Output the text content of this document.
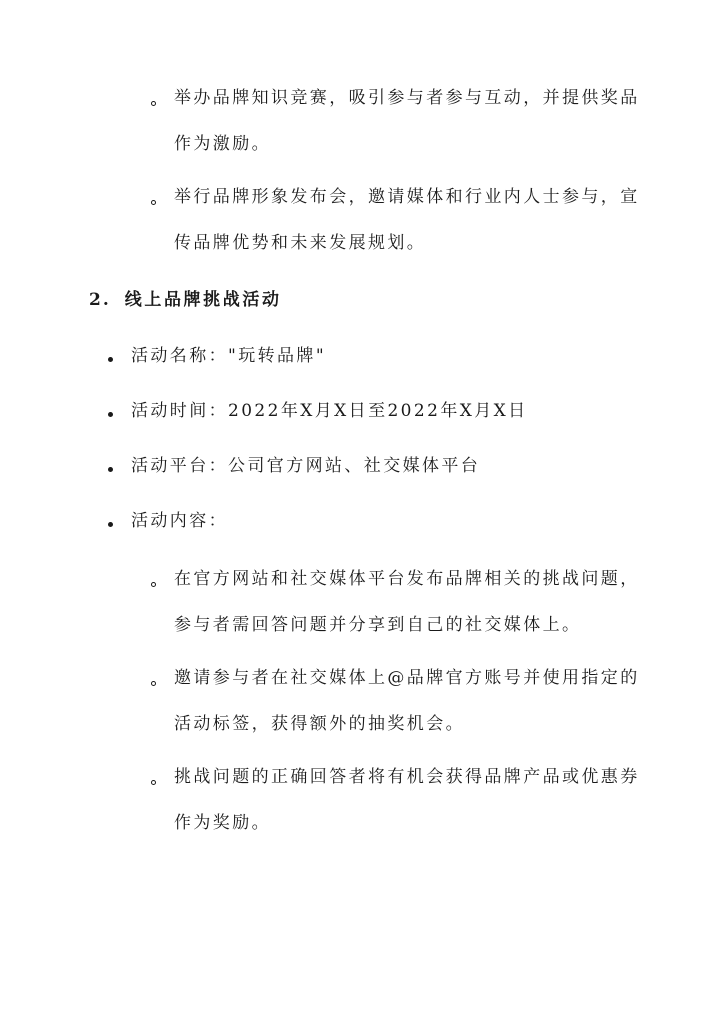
举办品牌知识竞赛，吸引参与者参与互动，并提供奖品
作为激励。
举行品牌形象发布会，邀请媒体和行业内人士参与，宣
传品牌优势和未来发展规划。
2. 线上品牌挑战活动
活动名称："玩转品牌"
活动时间：2022年X月X日至2022年X月X日
活动平台：公司官方网站、社交媒体平台
活动内容：
在官方网站和社交媒体平台发布品牌相关的挑战问题，
参与者需回答问题并分享到自己的社交媒体上。
邀请参与者在社交媒体上@品牌官方账号并使用指定的
活动标签，获得额外的抽奖机会。
挑战问题的正确回答者将有机会获得品牌产品或优惠券
作为奖励。
